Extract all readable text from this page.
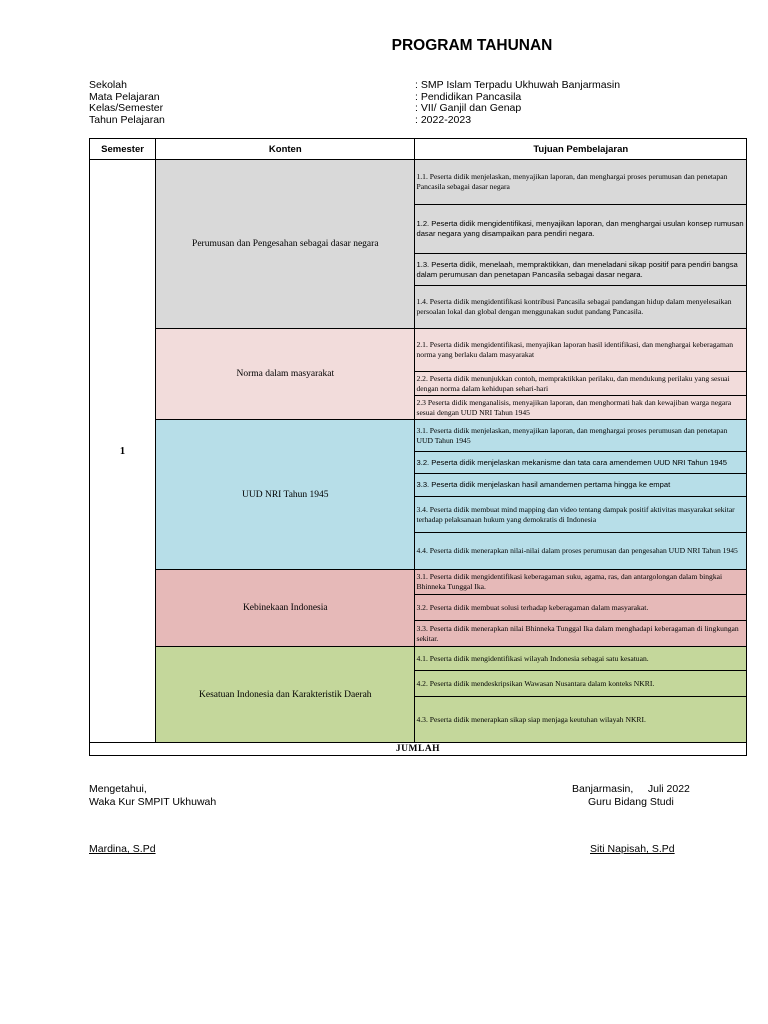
PROGRAM TAHUNAN
Sekolah	: SMP Islam Terpadu Ukhuwah Banjarmasin
Mata Pelajaran	: Pendidikan Pancasila
Kelas/Semester	: VII/ Ganjil dan Genap
Tahun Pelajaran	: 2022-2023
Semester	Konten	Tujuan Pembelajaran
1	Perumusan dan Pengesahan sebagai dasar negara	1.1. Peserta didik menjelaskan, menyajikan laporan, dan menghargai proses perumusan dan penetapan Pancasila sebagai dasar negara
		1.2. Peserta didik mengidentifikasi, menyajikan laporan, dan menghargai usulan konsep rumusan dasar negara yang disampaikan para pendiri negara.
		1.3. Peserta didik, menelaah, mempraktikkan, dan meneladani sikap positif para pendiri bangsa dalam perumusan dan penetapan Pancasila sebagai dasar negara.
		1.4. Peserta didik mengidentifikasi kontribusi Pancasila sebagai pandangan hidup dalam menyelesaikan persoalan lokal dan global dengan menggunakan sudut pandang Pancasila.
	Norma dalam masyarakat	2.1. Peserta didik mengidentifikasi, menyajikan laporan hasil identifikasi, dan menghargai keberagaman norma yang berlaku dalam masyarakat
		2.2. Peserta didik menunjukkan contoh, mempraktikkan perilaku, dan mendukung perilaku yang sesuai dengan norma dalam kehidupan sehari-hari
		2.3 Peserta didik menganalisis, menyajikan laporan, dan menghormati hak dan kewajiban warga negara sesuai dengan UUD NRI Tahun 1945
	UUD NRI Tahun 1945	3.1. Peserta didik menjelaskan, menyajikan laporan, dan menghargai proses perumusan dan penetapan UUD Tahun 1945
		3.2. Peserta didik menjelaskan mekanisme dan tata cara amendemen UUD NRI Tahun 1945
		3.3. Peserta didik menjelaskan hasil amandemen pertama hingga ke empat
		3.4. Peserta didik membuat mind mapping dan video tentang dampak positif aktivitas masyarakat sekitar terhadap pelaksanaan hukum yang demokratis di Indonesia
		4.4. Peserta didik menerapkan nilai-nilai dalam proses perumusan dan pengesahan UUD NRI Tahun 1945
	Kebinekaan Indonesia	3.1. Peserta didik mengidentifikasi keberagaman suku, agama, ras, dan antargolongan dalam bingkai Bhinneka Tunggal Ika.
		3.2. Peserta didik membuat solusi terhadap keberagaman dalam masyarakat.
		3.3. Peserta didik menerapkan nilai Bhinneka Tunggal Ika dalam menghadapi keberagaman di lingkungan sekitar.
	Kesatuan Indonesia dan Karakteristik Daerah	4.1. Peserta didik mengidentifikasi wilayah Indonesia sebagai satu kesatuan.
		4.2. Peserta didik mendeskripsikan Wawasan Nusantara dalam konteks NKRI.
		4.3. Peserta didik menerapkan sikap siap menjaga keutuhan wilayah NKRI.
JUMLAH		
Mengetahui,
Waka Kur SMPIT Ukhuwah
Mardina, S.Pd
Banjarmasin,     Juli 2022
Guru Bidang Studi
Siti Napisah, S.Pd
